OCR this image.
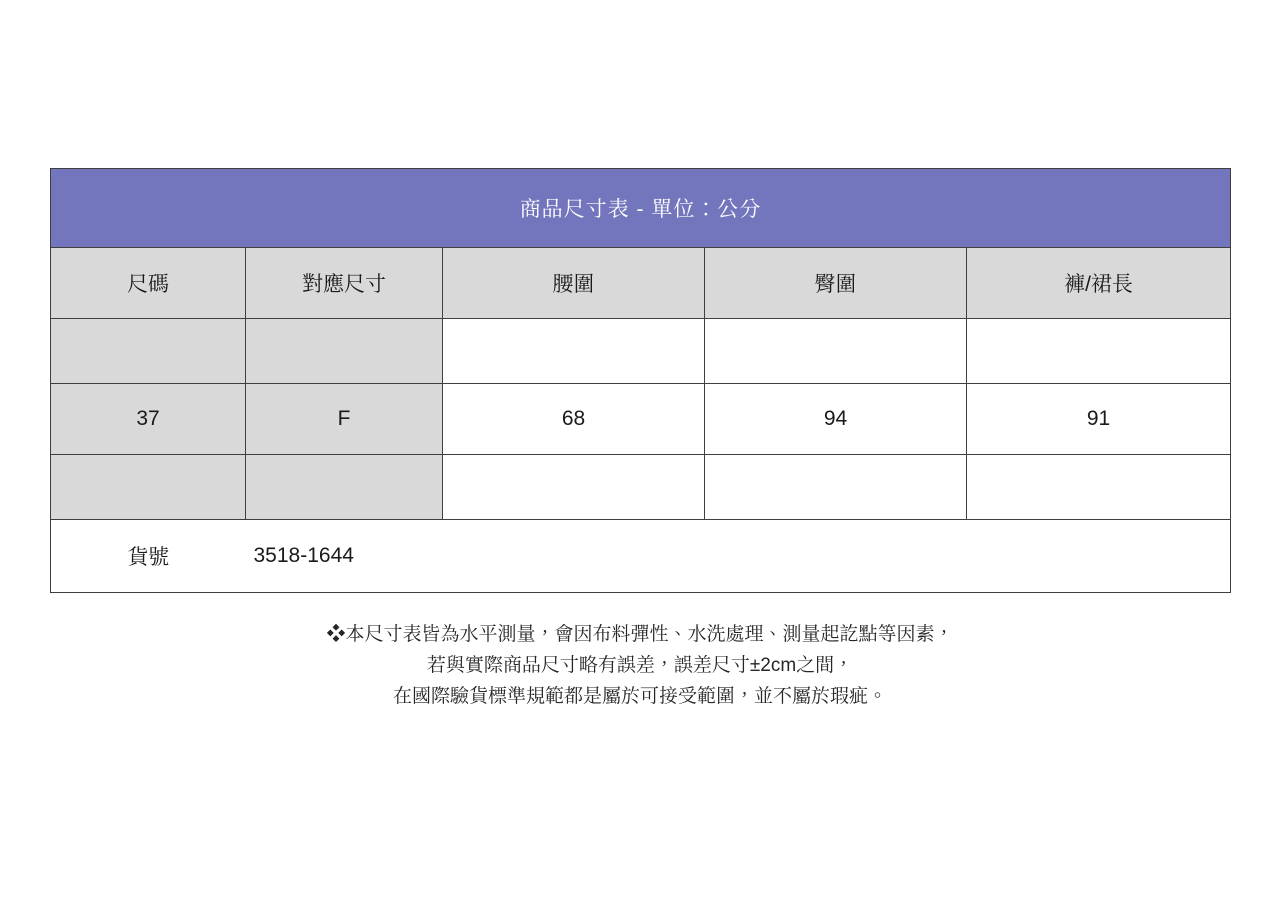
商品尺寸表 - 單位：公分				
尺碼	對應尺寸	腰圍	臀圍	褲/裙長

37	F	68	94	91

貨號	3518-1644			
❖本尺寸表皆為水平測量，會因布料彈性、水洗處理、測量起訖點等因素，
若與實際商品尺寸略有誤差，誤差尺寸±2cm之間，
在國際驗貨標準規範都是屬於可接受範圍，並不屬於瑕疵。
